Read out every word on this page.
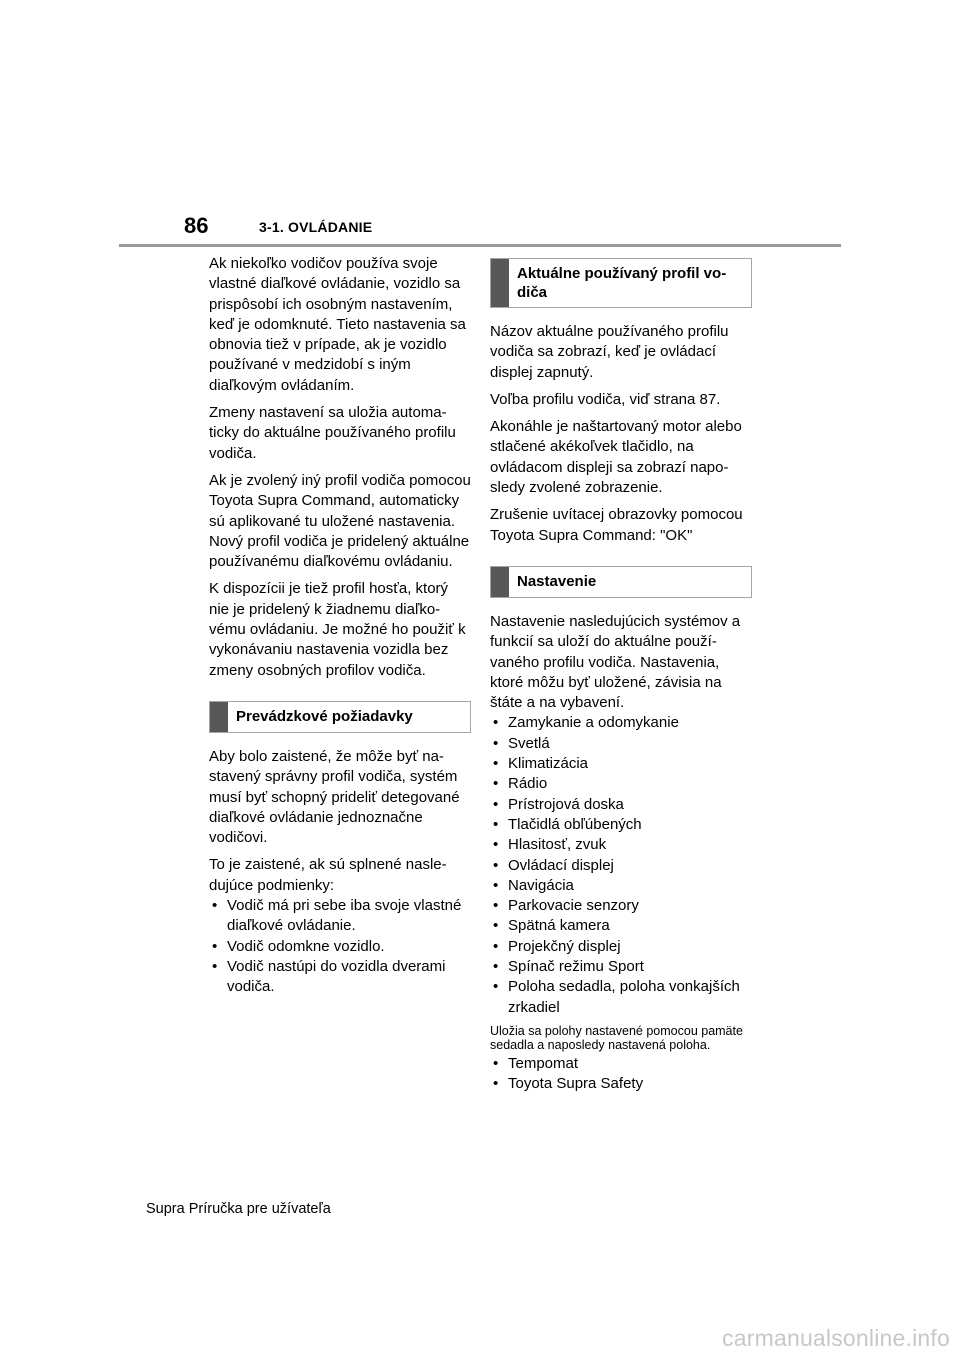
86	3-1. OVLÁDANIE

Ak niekoľko vodičov používa svoje vlastné diaľkové ovládanie, vozidlo sa prispôsobí ich osobným nastavením, keď je odomknuté. Tieto nastavenia sa obnovia tiež v prípade, ak je vozidlo používané v medzidobí s iným diaľkovým ovládaním.

Zmeny nastavení sa uložia automaticky do aktuálne používaného profilu vodiča.

Ak je zvolený iný profil vodiča pomocou Toyota Supra Command, automaticky sú aplikované tu uložené nastavenia. Nový profil vodiča je pridelený aktuálne používanému diaľkovému ovládaniu.

K dispozícii je tiež profil hosťa, ktorý nie je pridelený k žiadnemu diaľkovému ovládaniu. Je možné ho použiť k vykonávaniu nastavenia vozidla bez zmeny osobných profilov vodiča.

Prevádzkové požiadavky

Aby bolo zaistené, že môže byť nastavený správny profil vodiča, systém musí byť schopný prideliť detegované diaľkové ovládanie jednoznačne vodičovi.

To je zaistené, ak sú splnené nasledujúce podmienky:

• Vodič má pri sebe iba svoje vlastné diaľkové ovládanie.
• Vodič odomkne vozidlo.
• Vodič nastúpi do vozidla dverami vodiča.
Aktuálne používaný profil vodiča

Názov aktuálne používaného profilu vodiča sa zobrazí, keď je ovládací displej zapnutý.

Voľba profilu vodiča, viď strana 87.

Akonáhle je naštartovaný motor alebo stlačené akékoľvek tlačidlo, na ovládacom displeji sa zobrazí naposledy zvolené zobrazenie.

Zrušenie uvítacej obrazovky pomocou Toyota Supra Command: "OK"

Nastavenie

Nastavenie nasledujúcich systémov a funkcií sa uloží do aktuálne používaného profilu vodiča. Nastavenia, ktoré môžu byť uložené, závisia na štáte a na vybavení.

• Zamykanie a odomykanie
• Svetlá
• Klimatizácia
• Rádio
• Prístrojová doska
• Tlačidlá obľúbených
• Hlasitosť, zvuk
• Ovládací displej
• Navigácia
• Parkovacie senzory
• Spätná kamera
• Projekčný displej
• Spínač režimu Sport
• Poloha sedadla, poloha vonkajších zrkadiel
Uložia sa polohy nastavené pomocou pamäte sedadla a naposledy nastavená poloha.
• Tempomat
• Toyota Supra Safety
Supra Príručka pre užívateľa
carmanualsonline.info
